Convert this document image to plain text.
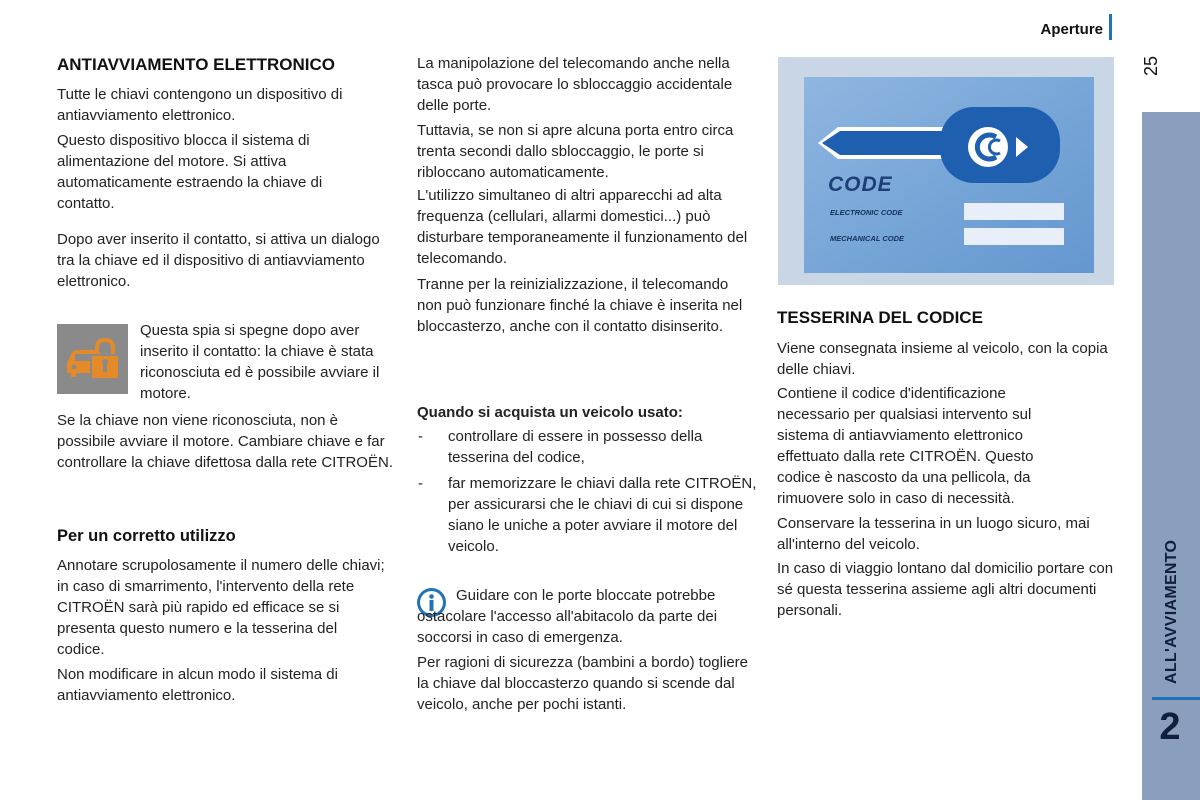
Aperture
25
ALL'AVVIAMENTO
2
ANTIAVVIAMENTO ELETTRONICO

Tutte le chiavi contengono un dispositivo di antiavviamento elettronico.

Questo dispositivo blocca il sistema di alimentazione del motore. Si attiva automaticamente estraendo la chiave di contatto.

Dopo aver inserito il contatto, si attiva un dialogo tra la chiave ed il dispositivo di antiavviamento elettronico.

Questa spia si spegne dopo aver inserito il contatto: la chiave è stata riconosciuta ed è possibile avviare il motore.

Se la chiave non viene riconosciuta, non è possibile avviare il motore. Cambiare chiave e far controllare la chiave difettosa dalla rete CITROËN.

Per un corretto utilizzo

Annotare scrupolosamente il numero delle chiavi; in caso di smarrimento, l'intervento della rete CITROËN sarà più rapido ed efficace se si presenta questo numero e la tesserina del codice.

Non modificare in alcun modo il sistema di antiavviamento elettronico.

La manipolazione del telecomando anche nella tasca può provocare lo sbloccaggio accidentale delle porte.

Tuttavia, se non si apre alcuna porta entro circa trenta secondi dallo sbloccaggio, le porte si ribloccano automaticamente.

L'utilizzo simultaneo di altri apparecchi ad alta frequenza (cellulari, allarmi domestici...) può disturbare temporaneamente il funzionamento del telecomando.

Tranne per la reinizializzazione, il telecomando non può funzionare finché la chiave è inserita nel bloccasterzo, anche con il contatto disinserito.

Quando si acquista un veicolo usato:
- controllare di essere in possesso della tesserina del codice,
- far memorizzare le chiavi dalla rete CITROËN, per assicurarsi che le chiavi di cui si dispone siano le uniche a poter avviare il motore del veicolo.

Guidare con le porte bloccate potrebbe ostacolare l'accesso all'abitacolo da parte dei soccorsi in caso di emergenza.

Per ragioni di sicurezza (bambini a bordo) togliere la chiave dal bloccasterzo quando si scende dal veicolo, anche per pochi istanti.

CODE
ELECTRONIC CODE
MECHANICAL CODE
TESSERINA DEL CODICE

Viene consegnata insieme al veicolo, con la copia delle chiavi.

Contiene il codice d'identificazione necessario per qualsiasi intervento sul sistema di antiavviamento elettronico effettuato dalla rete CITROËN. Questo codice è nascosto da una pellicola, da rimuovere solo in caso di necessità.

Conservare la tesserina in un luogo sicuro, mai all'interno del veicolo.

In caso di viaggio lontano dal domicilio portare con sé questa tesserina assieme agli altri documenti personali.
